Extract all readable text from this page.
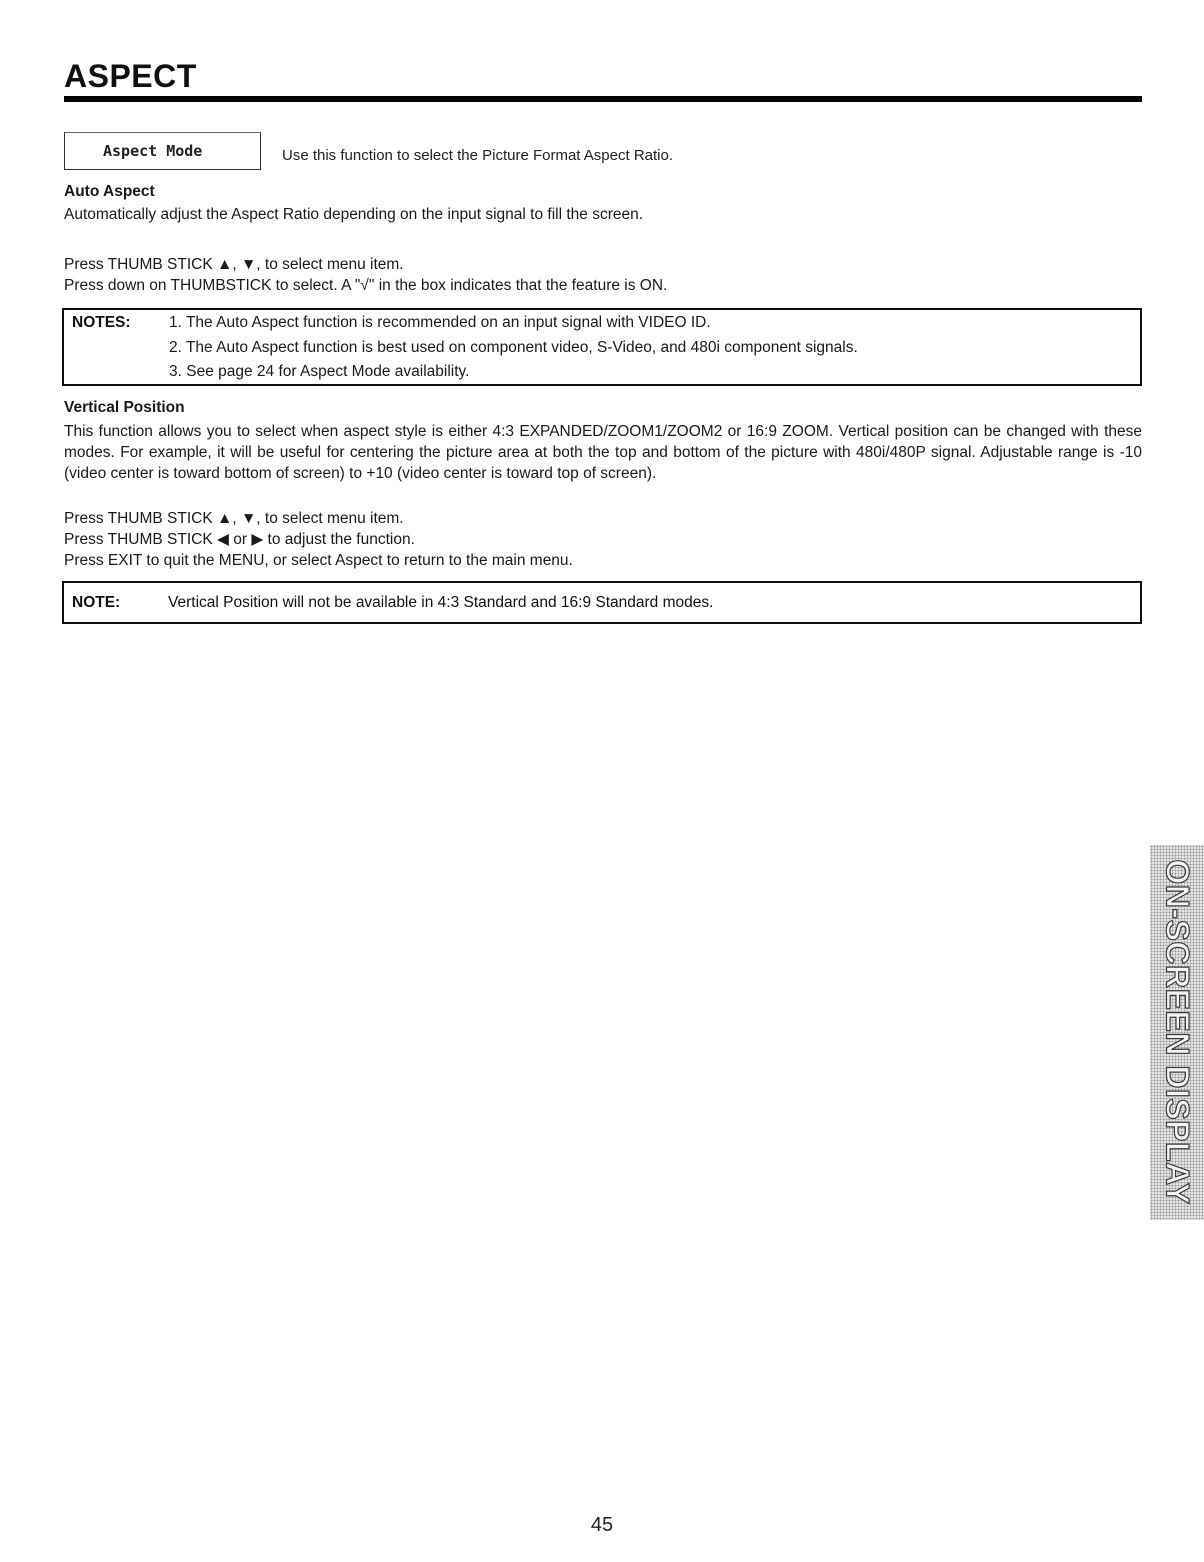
ASPECT
Aspect Mode	Use this function to select the Picture Format Aspect Ratio.
Auto Aspect
Automatically adjust the Aspect Ratio depending on the input signal to fill the screen.
Press THUMB STICK ▲, ▼, to select menu item.
Press down on THUMBSTICK to select. A "√" in the box indicates that the feature is ON.
NOTES: 1. The Auto Aspect function is recommended on an input signal with VIDEO ID.
2. The Auto Aspect function is best used on component video, S-Video, and 480i component signals.
3. See page 24 for Aspect Mode availability.
Vertical Position
This function allows you to select when aspect style is either 4:3 EXPANDED/ZOOM1/ZOOM2 or 16:9 ZOOM. Vertical position can be changed with these modes. For example, it will be useful for centering the picture area at both the top and bottom of the picture with 480i/480P signal. Adjustable range is -10 (video center is toward bottom of screen) to +10 (video center is toward top of screen).
Press THUMB STICK ▲, ▼, to select menu item.
Press THUMB STICK ◀ or ▶ to adjust the function.
Press EXIT to quit the MENU, or select Aspect to return to the main menu.
NOTE:	Vertical Position will not be available in 4:3 Standard and 16:9 Standard modes.
ON-SCREEN DISPLAY
45
